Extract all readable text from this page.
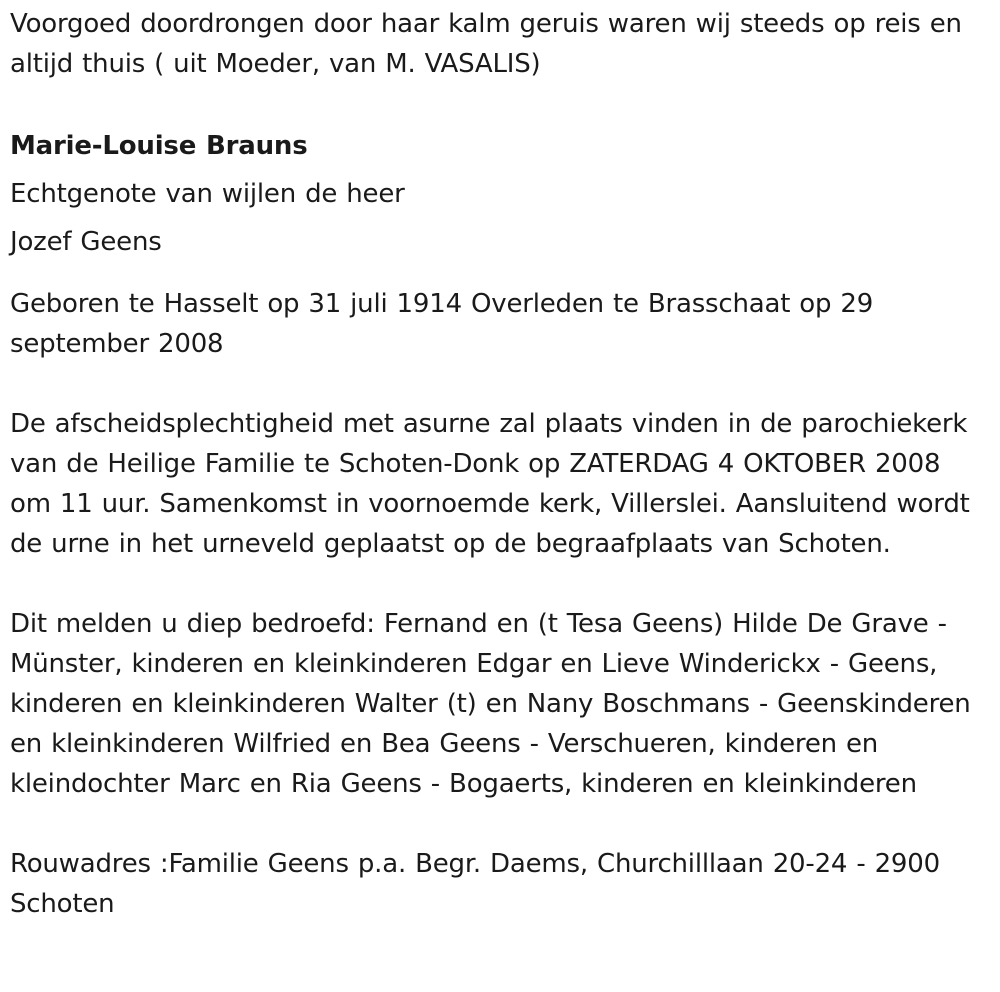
Voorgoed doordrongen door haar kalm geruis waren wij steeds op reis en altijd thuis ( uit Moeder, van M. VASALIS)

Marie-Louise Brauns

Echtgenote van wijlen de heer

Jozef Geens

Geboren te Hasselt op 31 juli 1914 Overleden te Brasschaat op 29 september 2008

De afscheidsplechtigheid met asurne zal plaats vinden in de parochiekerk van de Heilige Familie te Schoten-Donk op ZATERDAG 4 OKTOBER 2008 om 11 uur. Samenkomst in voornoemde kerk, Villerslei. Aansluitend wordt de urne in het urneveld geplaatst op de begraafplaats van Schoten.

Dit melden u diep bedroefd: Fernand en (t Tesa Geens) Hilde De Grave - Münster, kinderen en kleinkinderen Edgar en Lieve Winderickx - Geens, kinderen en kleinkinderen Walter (t) en Nany Boschmans - Geenskinderen en kleinkinderen Wilfried en Bea Geens - Verschueren, kinderen en kleindochter Marc en Ria Geens - Bogaerts, kinderen en kleinkinderen

Rouwadres :Familie Geens p.a. Begr. Daems, Churchilllaan 20-24 - 2900 Schoten
